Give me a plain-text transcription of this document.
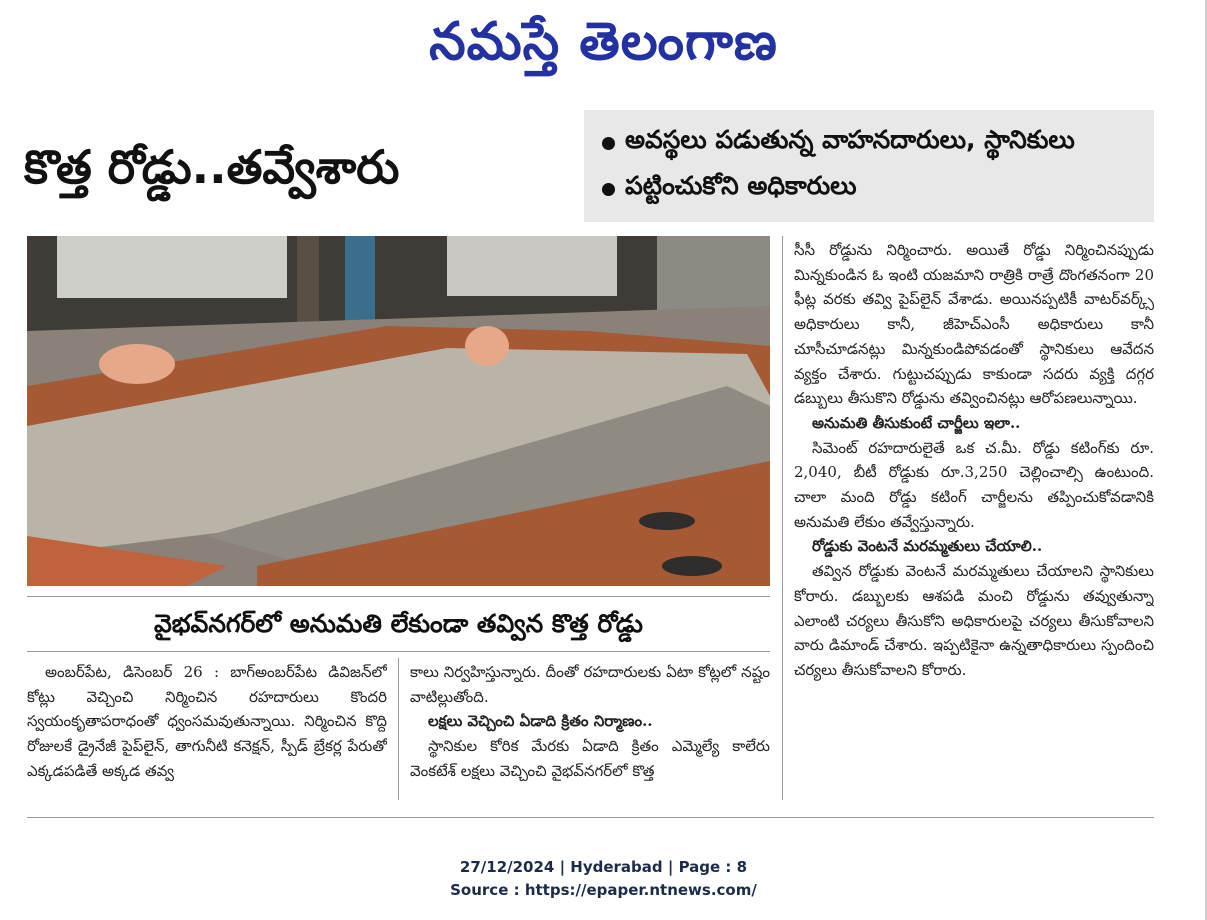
నమస్తే తెలంగాణ
కొత్త రోడ్డు..తవ్వేశారు
అవస్థలు పడుతున్న వాహనదారులు, స్థానికులు
పట్టించుకోని అధికారులు
వైభవ్‌నగర్‌లో అనుమతి లేకుండా తవ్విన కొత్త రోడ్డు

అంబర్‌పేట, డిసెంబర్ 26 : బాగ్‌అంబర్‌పేట డివిజన్‌లో కోట్లు వెచ్చించి నిర్మించిన రహదారులు కొందరి స్వయంకృతాపరాధంతో ధ్వంసమవుతున్నాయి. నిర్మించిన కొద్ది రోజులకే డ్రైనేజీ పైప్‌లైన్, తాగునీటి కనెక్షన్, స్పీడ్ బ్రేకర్ల పేరుతో ఎక్కడపడితే అక్కడ తవ్వ

కాలు నిర్వహిస్తున్నారు. దీంతో రహదారులకు ఏటా కోట్లలో నష్టం వాటిల్లుతోంది.

లక్షలు వెచ్చించి ఏడాది క్రితం నిర్మాణం..

స్థానికుల కోరిక మేరకు ఏడాది క్రితం ఎమ్మెల్యే కాలేరు వెంకటేశ్ లక్షలు వెచ్చించి వైభవ్‌నగర్‌లో కొత్త

సీసీ రోడ్డును నిర్మించారు. అయితే రోడ్డు నిర్మించినప్పుడు మిన్నకుండిన ఓ ఇంటి యజమాని రాత్రికి రాత్రే దొంగతనంగా 20 ఫీట్ల వరకు తవ్వి పైప్‌లైన్ వేశాడు. అయినప్పటికీ వాటర్‌వర్క్స్ అధికారులు కానీ, జీహెచ్‌ఎంసీ అధికారులు కానీ చూసీచూడనట్లు మిన్నకుండిపోవడంతో స్థానికులు ఆవేదన వ్యక్తం చేశారు. గుట్టుచప్పుడు కాకుండా సదరు వ్యక్తి దగ్గర డబ్బులు తీసుకొని రోడ్డును తవ్వించినట్లు ఆరోపణలున్నాయి.

అనుమతి తీసుకుంటే చార్జీలు ఇలా..

సిమెంట్ రహదారులైతే ఒక చ.మీ. రోడ్డు కటింగ్‌కు రూ. 2,040, బీటీ రోడ్డుకు రూ.3,250 చెల్లించాల్సి ఉంటుంది. చాలా మంది రోడ్డు కటింగ్ చార్జీలను తప్పించుకోవడానికి అనుమతి లేకుం తవ్వేస్తున్నారు.

రోడ్డుకు వెంటనే మరమ్మతులు చేయాలి..

తవ్విన రోడ్డుకు వెంటనే మరమ్మతులు చేయాలని స్థానికులు కోరారు. డబ్బులకు ఆశపడి మంచి రోడ్డును తవ్వుతున్నా ఎలాంటి చర్యలు తీసుకోని అధికారులపై చర్యలు తీసుకోవాలని వారు డిమాండ్ చేశారు. ఇప్పటికైనా ఉన్నతాధికారులు స్పందించి చర్యలు తీసుకోవాలని కోరారు.

27/12/2024 | Hyderabad | Page : 8
Source : https://epaper.ntnews.com/
